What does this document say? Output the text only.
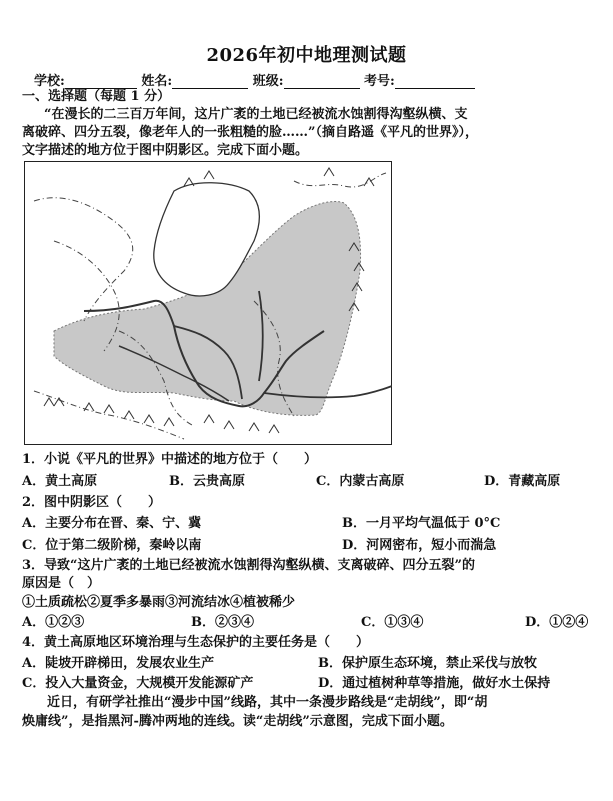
2026年初中地理测试题
学校:	姓名:	班级:	考号:
一、选择题（每题 1 分）
“在漫长的二三百万年间，这片广袤的土地已经被流水蚀割得沟壑纵横、支
离破碎、四分五裂，像老年人的一张粗糙的脸……”（摘自路遥《平凡的世界》），
文字描述的地方位于图中阴影区。完成下面小题。
1．小说《平凡的世界》中描述的地方位于（　　）
A．黄土高原	B．云贵高原	C．内蒙古高原	D．青藏高原
2．图中阴影区（　　）
A．主要分布在晋、秦、宁、冀	B．一月平均气温低于 0°C
C．位于第二级阶梯，秦岭以南	D．河网密布，短小而湍急
3．导致“这片广袤的土地已经被流水蚀割得沟壑纵横、支离破碎、四分五裂”的
原因是（　）
①土质疏松②夏季多暴雨③河流结冰④植被稀少
A．①②③	B．②③④	C．①③④	D．①②④
4．黄土高原地区环境治理与生态保护的主要任务是（　　）
A．陡坡开辟梯田，发展农业生产	B．保护原生态环境，禁止采伐与放牧
C．投入大量资金，大规模开发能源矿产	D．通过植树种草等措施，做好水土保持
近日，有研学社推出“漫步中国”线路，其中一条漫步路线是“走胡线”，即“胡
焕庸线”，是指黑河-腾冲两地的连线。读“走胡线”示意图，完成下面小题。
